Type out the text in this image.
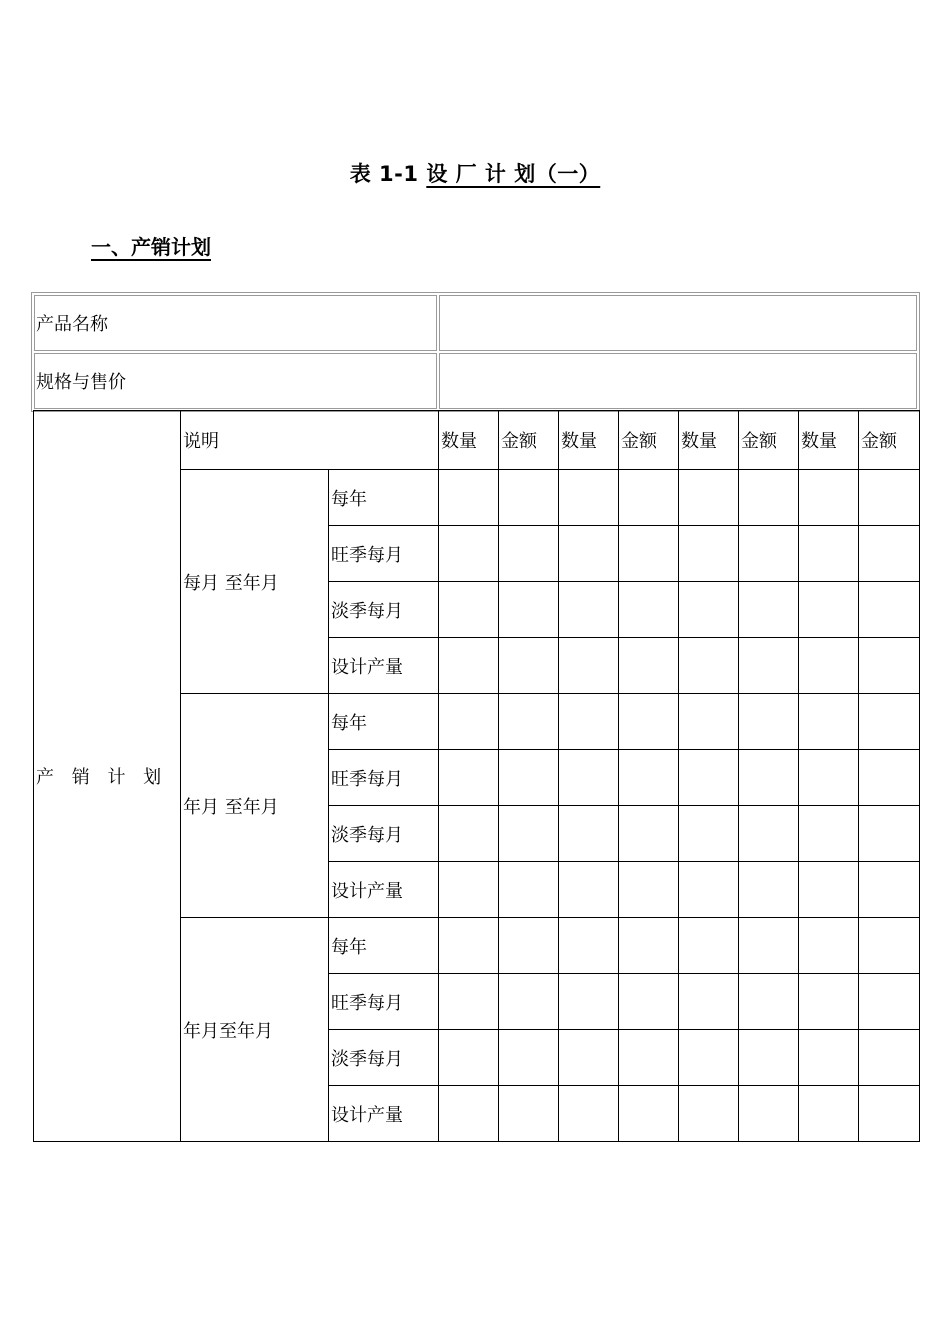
表 1-1 设 厂 计 划（一）
一、产销计划
产品名称	
规格与售价	
产 销 计 划	说明		数量	金额	数量	金额	数量	金额	数量	金额
	每月 至年月	每年								
		旺季每月								
		淡季每月								
		设计产量								
	年月 至年月	每年								
		旺季每月								
		淡季每月								
		设计产量								
	年月至年月	每年								
		旺季每月								
		淡季每月								
		设计产量								
